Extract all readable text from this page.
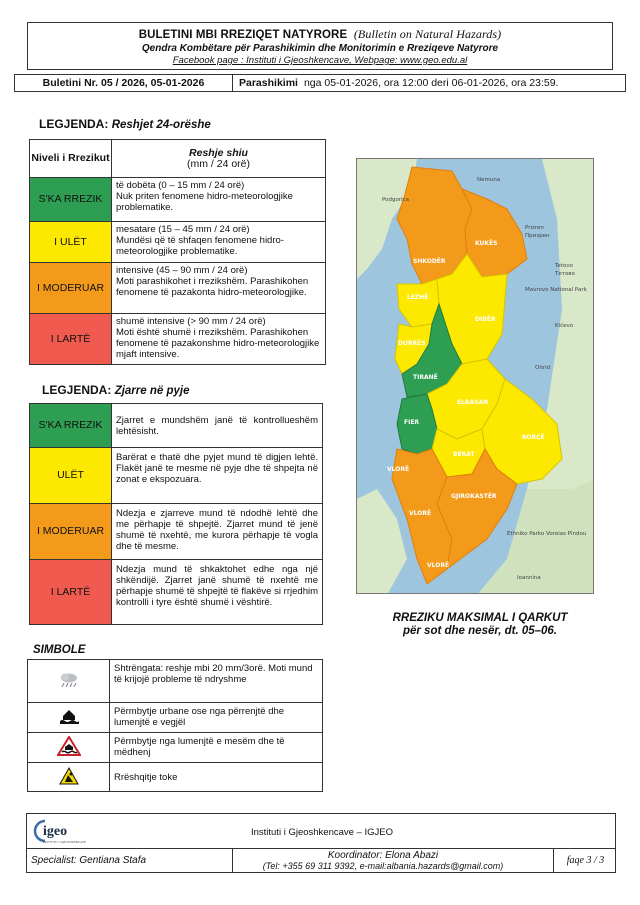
BULETINI MBI RREZIQET NATYRORE (Bulletin on Natural Hazards)
Qendra Kombëtare për Parashikimin dhe Monitorimin e Rreziqeve Natyrore
Facebook page : Instituti i Gjeoshkencave, Webpage: www.geo.edu.al
Buletini Nr. 05 / 2026, 05-01-2026	Parashikimi nga 05-01-2026, ora 12:00 deri 06-01-2026, ora 23:59.
LEGJENDA: Reshjet 24-orëshe
Niveli i Rrezikut	Reshje shiu
(mm / 24 orë)

S'KA RREZIK	të dobëta (0 – 15 mm / 24 orë)
Nuk priten fenomene hidro-meteorologjike problematike.

I ULËT	mesatare (15 – 45 mm / 24 orë)
Mundësi që të shfaqen fenomene hidro-meteorologjike problematike.

I MODERUAR	intensive (45 – 90 mm / 24 orë)
Moti parashikohet i rrezikshëm. Parashikohen fenomene të pazakonta hidro-meteorologjike.

I LARTË	shumë intensive (> 90 mm / 24 orë)
Moti është shumë i rrezikshëm. Parashikohen fenomene të pazakonshme hidro-meteorologjike mjaft intensive.
LEGJENDA: Zjarre në pyje
S'KA RREZIK	Zjarret e mundshëm janë të kontrollueshëm lehtësisht.
ULËT	Barërat e thatë dhe pyjet mund të digjen lehtë. Flakët janë te mesme në pyje dhe të shpejta në zonat e ekspozuara.
I MODERUAR	Ndezja e zjarreve mund të ndodhë lehtë dhe me përhapje të shpejtë. Zjarret mund të jenë shumë të nxehtë, me kurora përhapje të vogla dhe të mesme.
I LARTË	Ndezja mund të shkaktohet edhe nga një shkëndijë. Zjarret janë shumë të nxehtë me përhapje shumë të shpejtë të flakëve si rrjedhim kontrolli i tyre është shumë i vështirë.
SIMBOLE
	Shtrëngata: reshje mbi 20 mm/3orë. Moti mund të krijojë probleme të ndryshme
	Përmbytje urbane ose nga përrenjtë dhe lumenjtë e vegjël
	Përmbytje nga lumenjtë e mesëm dhe të mëdhenj
	Rrëshqitje toke
SHKODËR
KUKËS
LEZHË
DIBËR
DURRËS
TIRANË
ELBASAN
FIER
BERAT
KORÇË
VLORË
VLORË
GJIROKASTËR
VLORË
Podgorica
Prizren
Призрен
Tetovo
Тетово
Mavrovo National Park
Kičevo
Ohrid
Ethniko Parko Voreias Pindou
Ioannina
Nemuna
RREZIKU MAKSIMAL I QARKUT
për sot dhe nesër, dt. 05–06.
igeo
INSTITUTI I GJEOSHKENCAVE
Instituti i Gjeoshkencave – IGJEO
Specialist: Gentiana Stafa	Koordinator: Elona Abazi
(Tel: +355 69 311 9392, e-mail:albania.hazards@gmail.com)	faqe 3 / 3
